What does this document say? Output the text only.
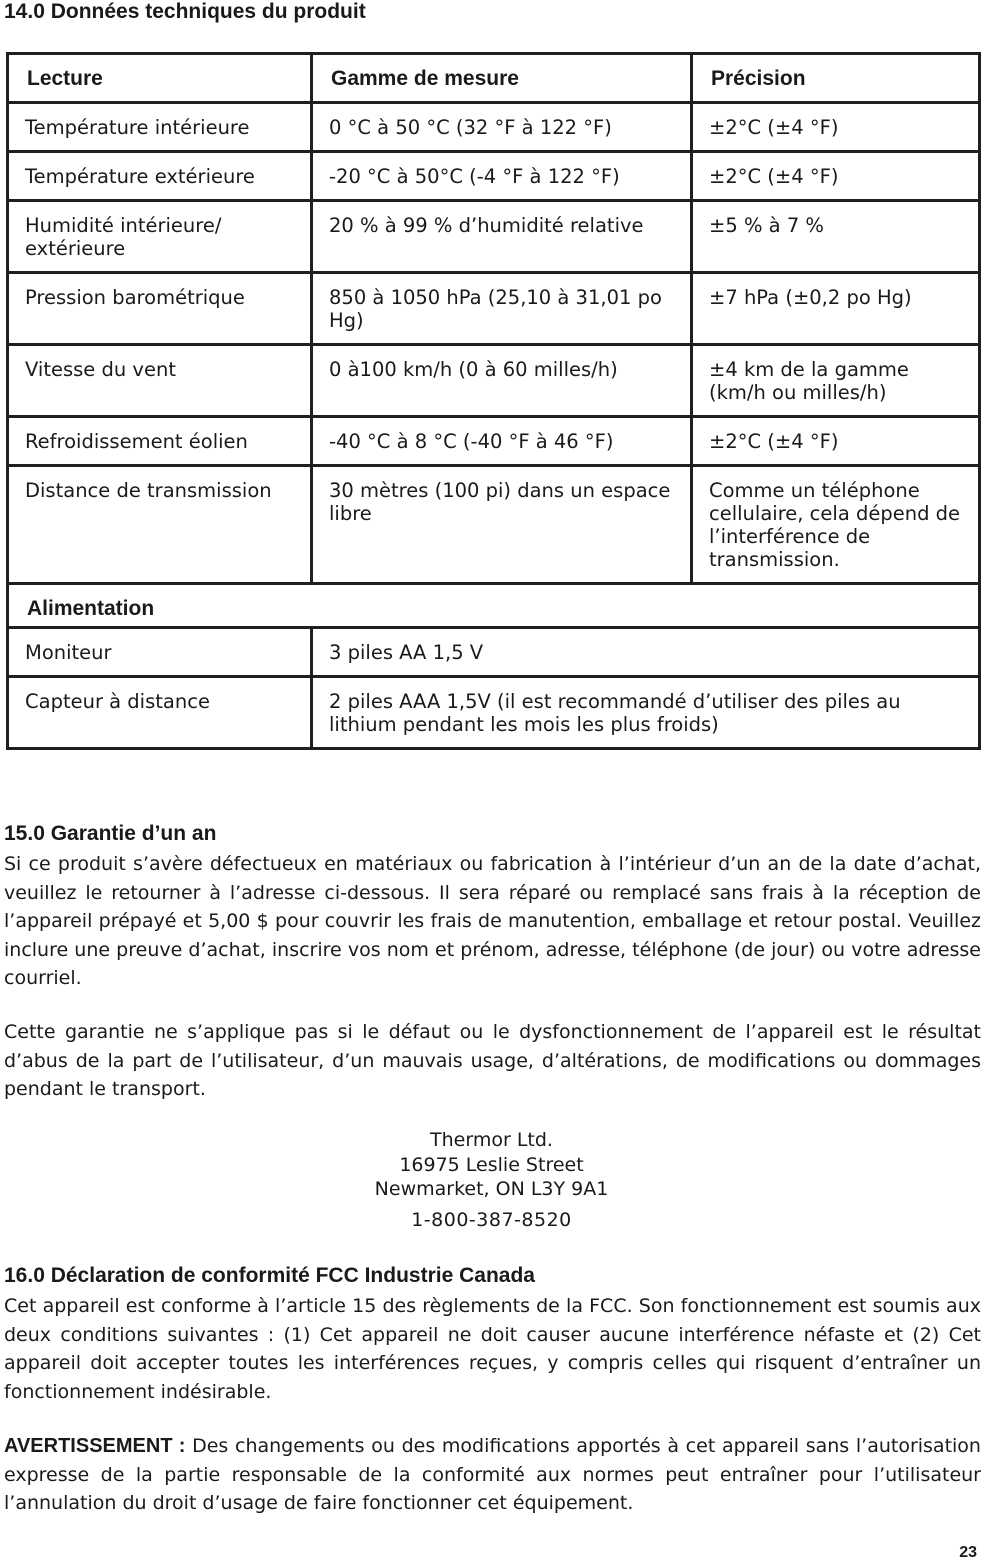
14.0 Données techniques du produit
Lecture	Gamme de mesure	Précision
Température intérieure	0 °C à 50 °C (32 °F à 122 °F)	±2°C (±4 °F)
Température extérieure	-20 °C à 50°C (-4 °F à 122 °F)	±2°C (±4 °F)
Humidité intérieure/ extérieure	20 % à 99 % d’humidité relative	±5 % à 7 %
Pression barométrique	850 à 1050 hPa (25,10 à 31,01 po Hg)	±7 hPa (±0,2 po Hg)
Vitesse du vent	0 à100 km/h (0 à 60 milles/h)	±4 km de la gamme (km/h ou milles/h)
Refroidissement éolien	-40 °C à 8 °C (-40 °F à 46 °F)	±2°C (±4 °F)
Distance de transmission	30 mètres (100 pi) dans un espace libre	Comme un téléphone cellulaire, cela dépend de l’interférence de transmission.
Alimentation		
Moniteur	3 piles AA 1,5 V	
Capteur à distance	2 piles AAA 1,5V (il est recommandé d’utiliser des piles au lithium pendant les mois les plus froids)	
15.0 Garantie d’un an

Si ce produit s’avère défectueux en matériaux ou fabrication à l’intérieur d’un an de la date d’achat, veuillez le retourner à l’adresse ci-dessous. Il sera réparé ou remplacé sans frais à la réception de l’appareil prépayé et 5,00 $ pour couvrir les frais de manutention, emballage et retour postal. Veuillez inclure une preuve d’achat, inscrire vos nom et prénom, adresse, téléphone (de jour) ou votre adresse courriel.

Cette garantie ne s’applique pas si le défaut ou le dysfonctionnement de l’appareil est le résultat d’abus de la part de l’utilisateur, d’un mauvais usage, d’altérations, de modifications ou dommages pendant le transport.

Thermor Ltd.
16975 Leslie Street
Newmarket, ON L3Y 9A1
1-800-387-8520
16.0 Déclaration de conformité FCC Industrie Canada

Cet appareil est conforme à l’article 15 des règlements de la FCC. Son fonctionnement est soumis aux deux conditions suivantes : (1) Cet appareil ne doit causer aucune interférence néfaste et (2) Cet appareil doit accepter toutes les interférences reçues, y compris celles qui risquent d’entraîner un fonctionnement indésirable.

AVERTISSEMENT : Des changements ou des modifications apportés à cet appareil sans l’autorisation expresse de la partie responsable de la conformité aux normes peut entraîner pour l’utilisateur l’annulation du droit d’usage de faire fonctionner cet équipement.

23
